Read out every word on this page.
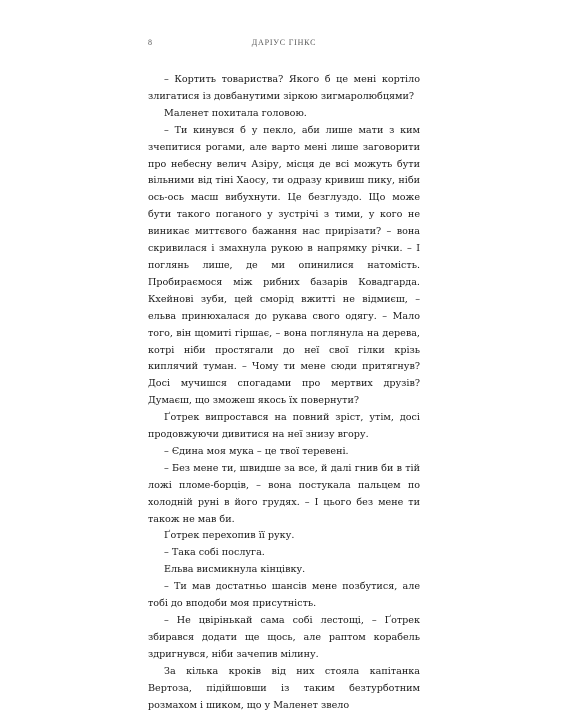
8	ДАРІУС ГІНКС

– Кортить товариства? Якого б це мені кортіло злигатися із довбанутими зіркою зигмаролюбцями?

Маленет похитала головою.

– Ти кинувся б у пекло, аби лише мати з ким зчепитися рогами, але варто мені лише заговорити про небесну велич Азіру, місця де всі можуть бути вільними від тіні Хаосу, ти одразу кривиш пику, ніби ось-ось масш вибухнути. Це безглуздо. Що може бути такого поганого у зустрічі з тими, у кого не виникає миттєвого бажання нас прирізати? – вона скривилася і змахнула рукою в напрямку річки. – І поглянь лише, де ми опинилися натомість. Пробираємося між рибних базарів Ковадгарда. Кхейнові зуби, цей сморід вжитті не відмиєш, – ельва принюхалася до рукава свого одягу. – Мало того, він щомиті гіршає, – вона поглянула на дерева, котрі ніби простягали до неї свої гілки крізь киплячий туман. – Чому ти мене сюди притягнув? Досі мучишся спогадами про мертвих друзів? Думаєш, що зможеш якось їх повернути?

Ґотрек випростався на повний зріст, утім, досі продовжуючи дивитися на неї знизу вгору.

– Єдина моя мука – це твої теревені.

– Без мене ти, швидше за все, й далі гнив би в тій ложі пломе-борців, – вона постукала пальцем по холодній руні в його грудях. – І цього без мене ти також не мав би.

Ґотрек перехопив її руку.

– Така собі послуга.

Ельва висмикнула кінцівку.

– Ти мав достатньо шансів мене позбутися, але тобі до вподоби моя присутність.

– Не цвірінькай сама собі лестощі, – Ґотрек збирався додати ще щось, але раптом корабель здригнувся, ніби зачепив мілину.

За кілька кроків від них стояла капітанка Вертоза, підійшовши із таким безтурботним розмахом і шиком, що у Маленет звело
